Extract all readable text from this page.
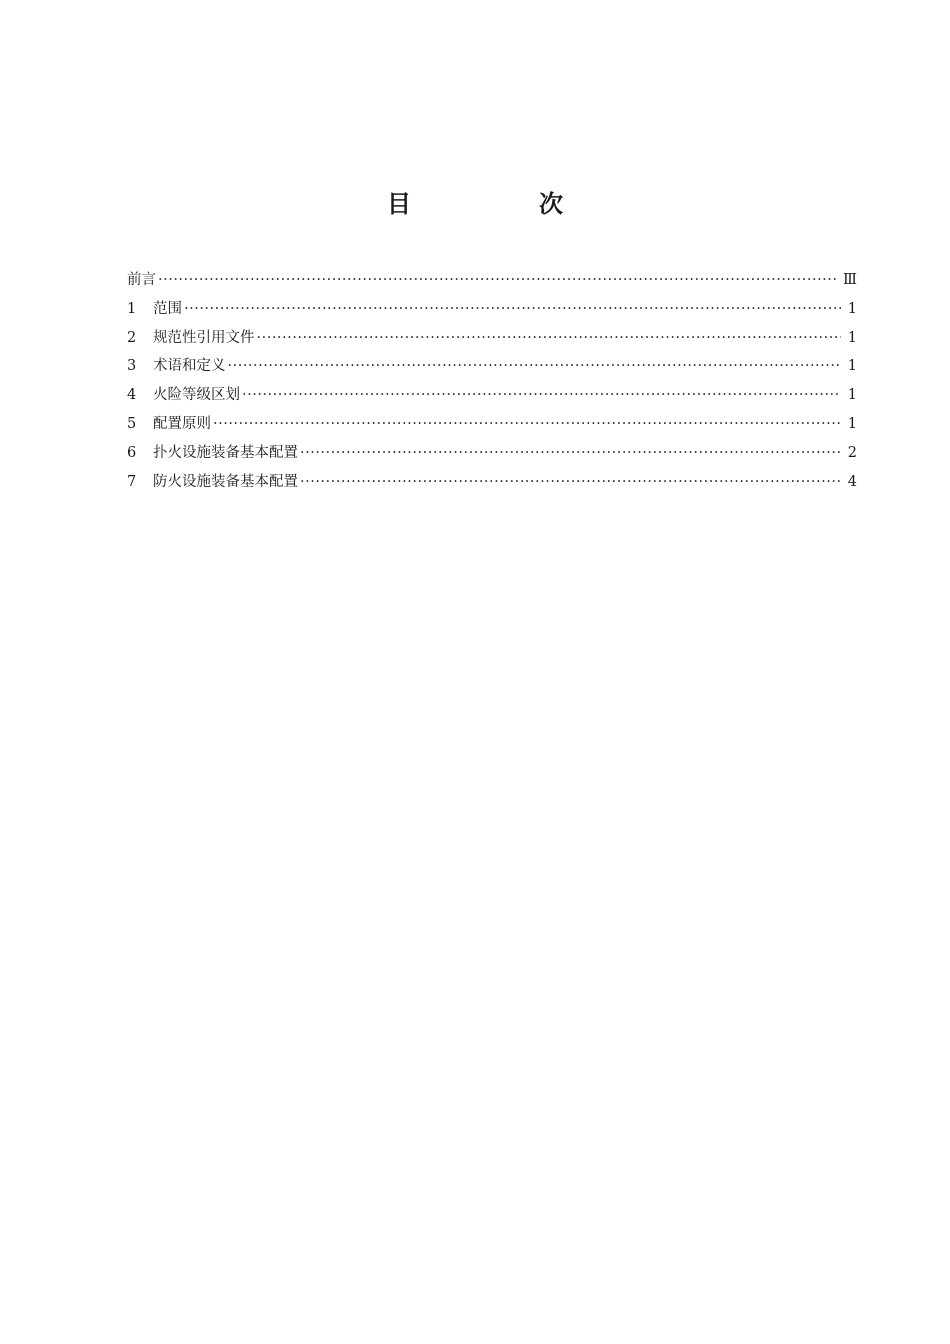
目　次
前言 ·····	Ⅲ
1	范围 ·····	1
2	规范性引用文件 ·····	1
3	术语和定义 ·····	1
4	火险等级区划 ·····	1
5	配置原则 ·····	1
6	扑火设施装备基本配置 ·····	2
7	防火设施装备基本配置 ·····	4
